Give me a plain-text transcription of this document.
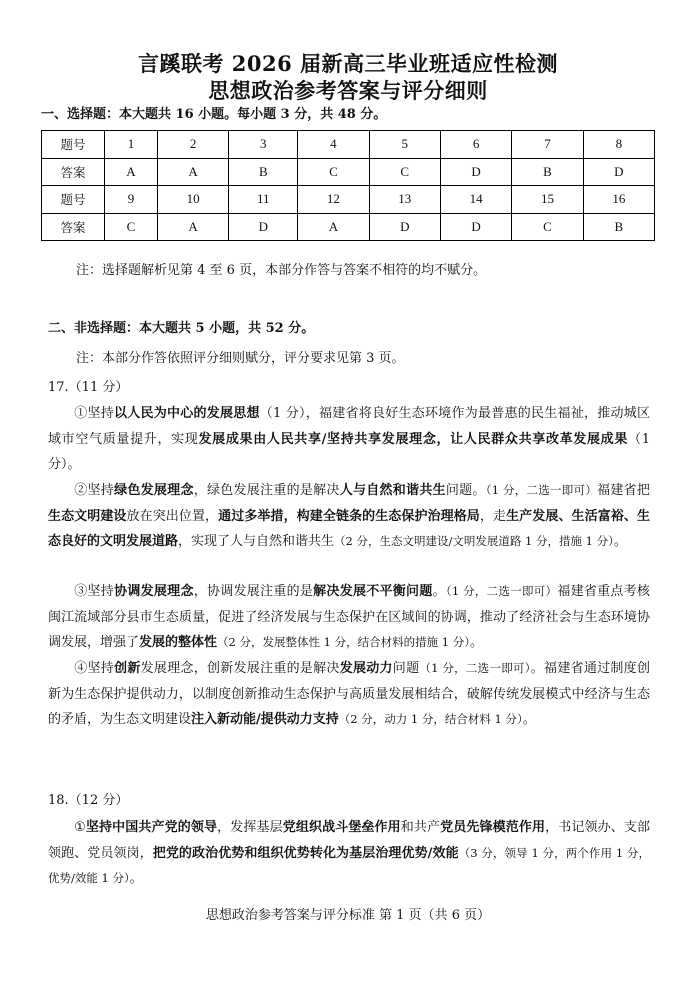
言蹊联考 2026 届新高三毕业班适应性检测
思想政治参考答案与评分细则
一、选择题：本大题共 16 小题。每小题 3 分，共 48 分。
题号	1	2	3	4	5	6	7	8
答案	A	A	B	C	C	D	B	D
题号	9	10	11	12	13	14	15	16
答案	C	A	D	A	D	D	C	B
注：选择题解析见第 4 至 6 页，本部分作答与答案不相符的均不赋分。
二、非选择题：本大题共 5 小题，共 52 分。
注：本部分作答依照评分细则赋分，评分要求见第 3 页。
17.（11 分）
①坚持以人民为中心的发展思想（1 分），福建省将良好生态环境作为最普惠的民生福祉，推动城区域市空气质量提升，实现发展成果由人民共享/坚持共享发展理念，让人民群众共享改革发展成果（1 分）。
②坚持绿色发展理念，绿色发展注重的是解决人与自然和谐共生问题。（1 分，二选一即可）福建省把生态文明建设放在突出位置，通过多举措，构建全链条的生态保护治理格局，走生产发展、生活富裕、生态良好的文明发展道路，实现了人与自然和谐共生（2 分，生态文明建设/文明发展道路 1 分，措施 1 分）。
③坚持协调发展理念，协调发展注重的是解决发展不平衡问题。（1 分，二选一即可）福建省重点考核闽江流域部分县市生态质量，促进了经济发展与生态保护在区域间的协调，推动了经济社会与生态环境协调发展，增强了发展的整体性（2 分，发展整体性 1 分，结合材料的措施 1 分）。
④坚持创新发展理念，创新发展注重的是解决发展动力问题（1 分，二选一即可）。福建省通过制度创新为生态保护提供动力，以制度创新推动生态保护与高质量发展相结合，破解传统发展模式中经济与生态的矛盾，为生态文明建设注入新动能/提供动力支持（2 分，动力 1 分，结合材料 1 分）。
18.（12 分）
①坚持中国共产党的领导，发挥基层党组织战斗堡垒作用和共产党员先锋模范作用，书记领办、支部领跑、党员领岗，把党的政治优势和组织优势转化为基层治理优势/效能（3 分，领导 1 分，两个作用 1 分，优势/效能 1 分）。
思想政治参考答案与评分标准 第 1 页（共 6 页）
